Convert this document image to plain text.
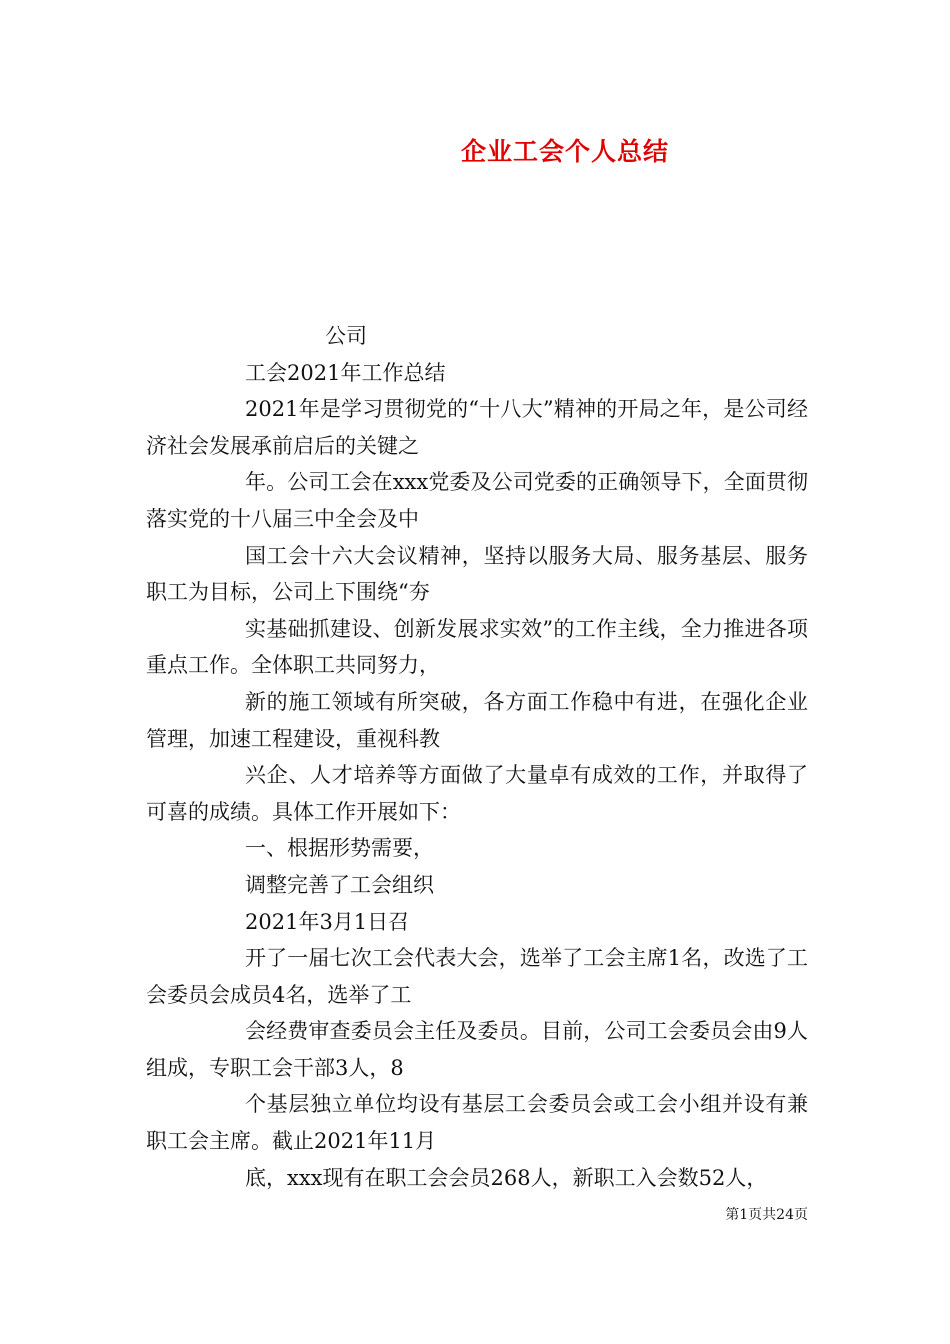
企业工会个人总结

公司

工会2021年工作总结

2021年是学习贯彻党的“十八大”精神的开局之年，是公司经济社会发展承前启后的关键之

年。公司工会在xxx党委及公司党委的正确领导下，全面贯彻落实党的十八届三中全会及中

国工会十六大会议精神，坚持以服务大局、服务基层、服务职工为目标，公司上下围绕“夯

实基础抓建设、创新发展求实效”的工作主线，全力推进各项重点工作。全体职工共同努力，

新的施工领域有所突破，各方面工作稳中有进，在强化企业管理，加速工程建设，重视科教

兴企、人才培养等方面做了大量卓有成效的工作，并取得了可喜的成绩。具体工作开展如下：

一、根据形势需要，

调整完善了工会组织

2021年3月1日召

开了一届七次工会代表大会，选举了工会主席1名，改选了工会委员会成员4名，选举了工

会经费审查委员会主任及委员。目前，公司工会委员会由9人组成，专职工会干部3人，8

个基层独立单位均设有基层工会委员会或工会小组并设有兼职工会主席。截止2021年11月

底，xxx现有在职工会会员268人，新职工入会数52人，

第1页共24页
